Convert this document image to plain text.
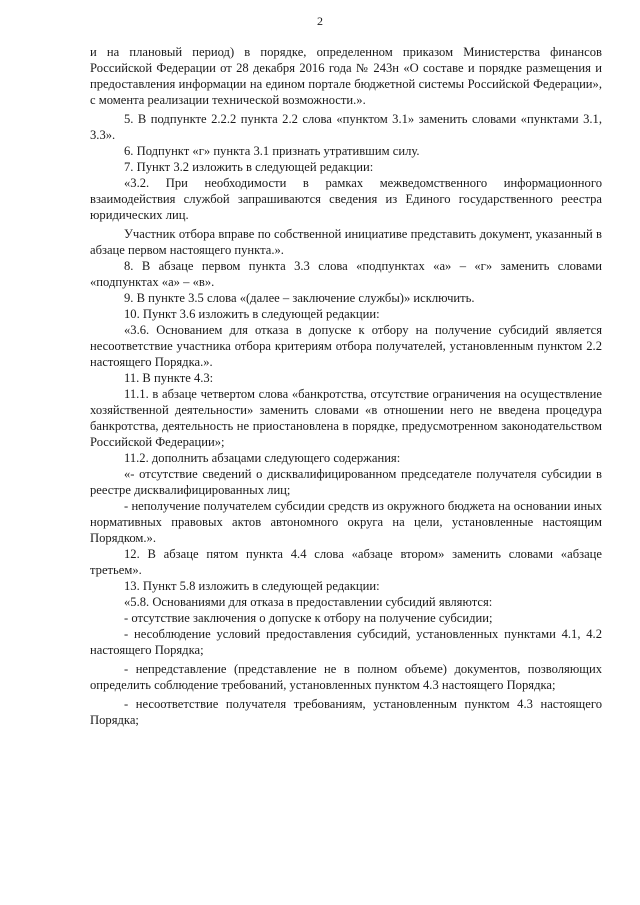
2

и на плановый период) в порядке, определенном приказом Министерства финансов Российской Федерации от 28 декабря 2016 года № 243н «О составе и порядке размещения и предоставления информации на едином портале бюджетной системы Российской Федерации», с момента реализации технической возможности.».

5. В подпункте 2.2.2 пункта 2.2 слова «пунктом 3.1» заменить словами «пунктами 3.1, 3.3».

6. Подпункт «г» пункта 3.1 признать утратившим силу.

7. Пункт 3.2 изложить в следующей редакции:

«3.2. При необходимости в рамках межведомственного информационного взаимодействия службой запрашиваются сведения из Единого государственного реестра юридических лиц.

Участник отбора вправе по собственной инициативе представить документ, указанный в абзаце первом настоящего пункта.».

8. В абзаце первом пункта 3.3 слова «подпунктах «а» – «г» заменить словами «подпунктах «а» – «в».

9. В пункте 3.5 слова «(далее – заключение службы)» исключить.

10. Пункт 3.6 изложить в следующей редакции:

«3.6. Основанием для отказа в допуске к отбору на получение субсидий является несоответствие участника отбора критериям отбора получателей, установленным пунктом 2.2 настоящего Порядка.».

11. В пункте 4.3:

11.1. в абзаце четвертом слова «банкротства, отсутствие ограничения на осуществление хозяйственной деятельности» заменить словами «в отношении него не введена процедура банкротства, деятельность не приостановлена в порядке, предусмотренном законодательством Российской Федерации»;

11.2. дополнить абзацами следующего содержания:

«- отсутствие сведений о дисквалифицированном председателе получателя субсидии в реестре дисквалифицированных лиц;

- неполучение получателем субсидии средств из окружного бюджета на основании иных нормативных правовых актов автономного округа на цели, установленные настоящим Порядком.».

12. В абзаце пятом пункта 4.4 слова «абзаце втором» заменить словами «абзаце третьем».

13. Пункт 5.8 изложить в следующей редакции:

«5.8. Основаниями для отказа в предоставлении субсидий являются:

- отсутствие заключения о допуске к отбору на получение субсидии;

- несоблюдение условий предоставления субсидий, установленных пунктами 4.1, 4.2 настоящего Порядка;

- непредставление (представление не в полном объеме) документов, позволяющих определить соблюдение требований, установленных пунктом 4.3 настоящего Порядка;

- несоответствие получателя требованиям, установленным пунктом 4.3 настоящего Порядка;
